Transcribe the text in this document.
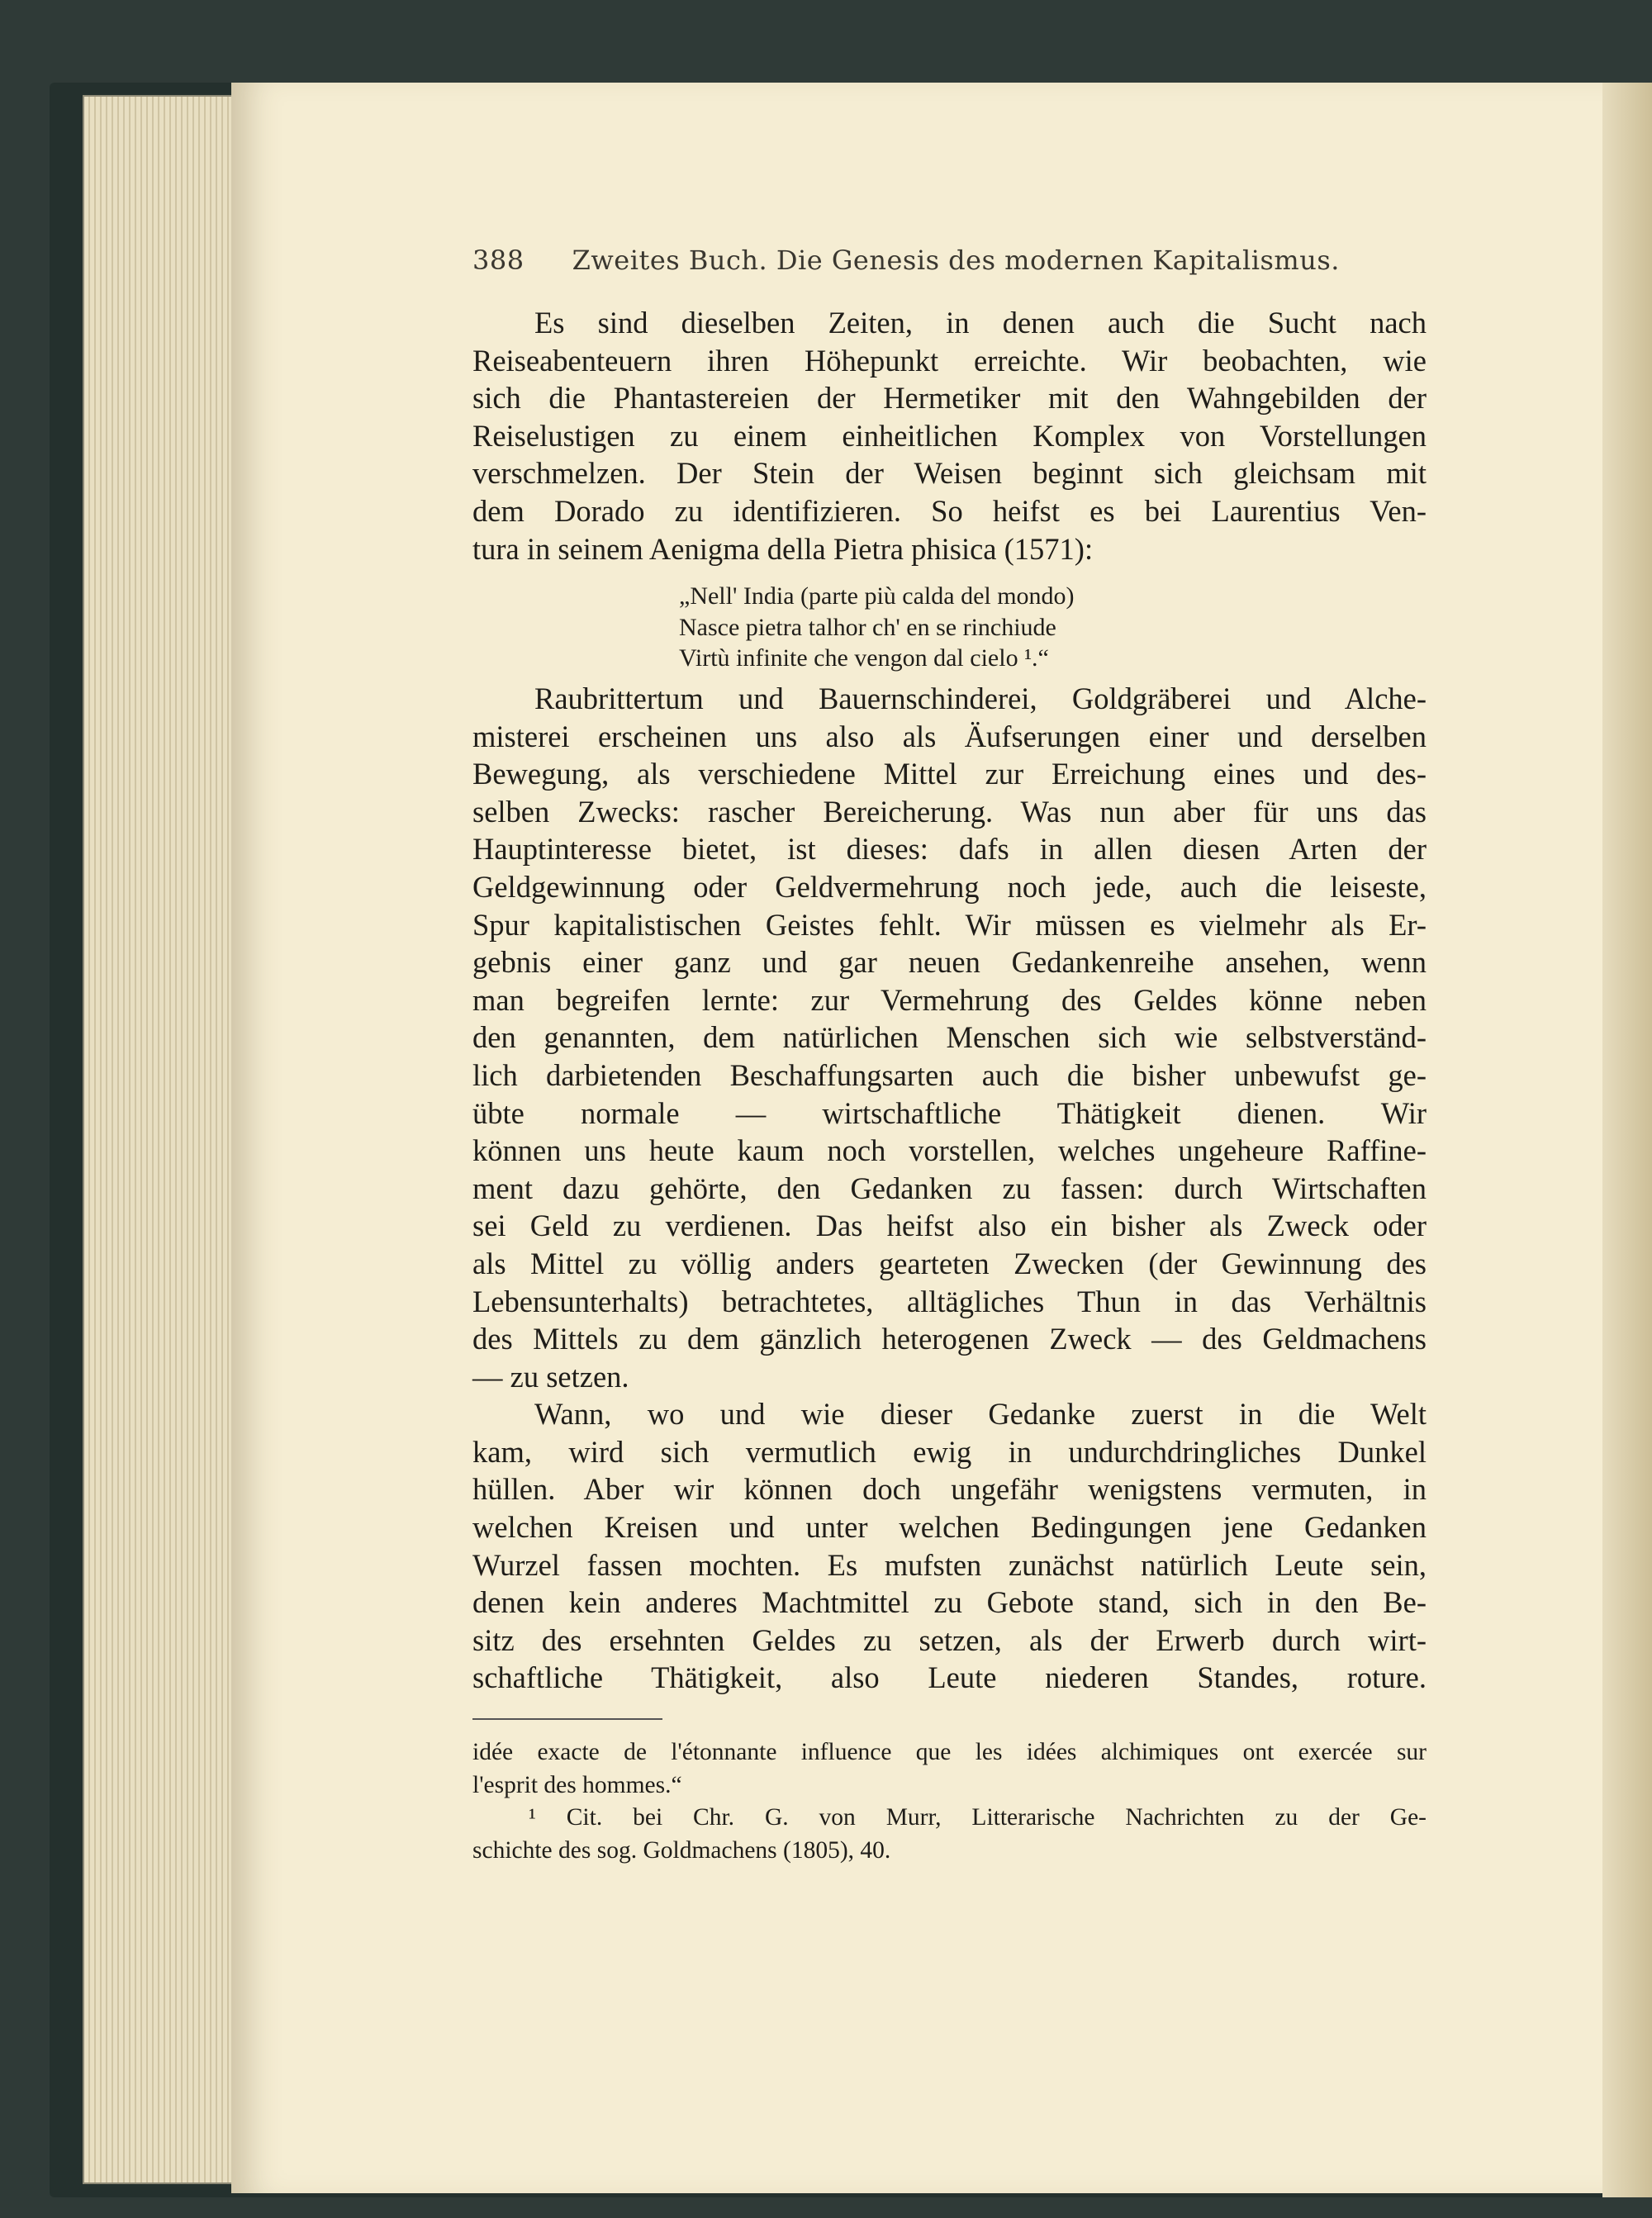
388 Zweites Buch. Die Genesis des modernen Kapitalismus.
Es sind dieselben Zeiten, in denen auch die Sucht nach
Reiseabenteuern ihren Höhepunkt erreichte. Wir beobachten, wie
sich die Phantastereien der Hermetiker mit den Wahngebilden der
Reiselustigen zu einem einheitlichen Komplex von Vorstellungen
verschmelzen. Der Stein der Weisen beginnt sich gleichsam mit
dem Dorado zu identifizieren. So heifst es bei Laurentius Ven-
tura in seinem Aenigma della Pietra phisica (1571):
„Nell' India (parte più calda del mondo)
Nasce pietra talhor ch' en se rinchiude
Virtù infinite che vengon dal cielo ¹.“
Raubrittertum und Bauernschinderei, Goldgräberei und Alche-
misterei erscheinen uns also als Äufserungen einer und derselben
Bewegung, als verschiedene Mittel zur Erreichung eines und des-
selben Zwecks: rascher Bereicherung. Was nun aber für uns das
Hauptinteresse bietet, ist dieses: dafs in allen diesen Arten der
Geldgewinnung oder Geldvermehrung noch jede, auch die leiseste,
Spur kapitalistischen Geistes fehlt. Wir müssen es vielmehr als Er-
gebnis einer ganz und gar neuen Gedankenreihe ansehen, wenn
man begreifen lernte: zur Vermehrung des Geldes könne neben
den genannten, dem natürlichen Menschen sich wie selbstverständ-
lich darbietenden Beschaffungsarten auch die bisher unbewufst ge-
übte normale — wirtschaftliche Thätigkeit dienen. Wir
können uns heute kaum noch vorstellen, welches ungeheure Raffine-
ment dazu gehörte, den Gedanken zu fassen: durch Wirtschaften
sei Geld zu verdienen. Das heifst also ein bisher als Zweck oder
als Mittel zu völlig anders gearteten Zwecken (der Gewinnung des
Lebensunterhalts) betrachtetes, alltägliches Thun in das Verhältnis
des Mittels zu dem gänzlich heterogenen Zweck — des Geldmachens
— zu setzen.
Wann, wo und wie dieser Gedanke zuerst in die Welt
kam, wird sich vermutlich ewig in undurchdringliches Dunkel
hüllen. Aber wir können doch ungefähr wenigstens vermuten, in
welchen Kreisen und unter welchen Bedingungen jene Gedanken
Wurzel fassen mochten. Es mufsten zunächst natürlich Leute sein,
denen kein anderes Machtmittel zu Gebote stand, sich in den Be-
sitz des ersehnten Geldes zu setzen, als der Erwerb durch wirt-
schaftliche Thätigkeit, also Leute niederen Standes, roture.
idée exacte de l'étonnante influence que les idées alchimiques ont exercée sur
l'esprit des hommes.“
¹ Cit. bei Chr. G. von Murr, Litterarische Nachrichten zu der Ge-
schichte des sog. Goldmachens (1805), 40.
